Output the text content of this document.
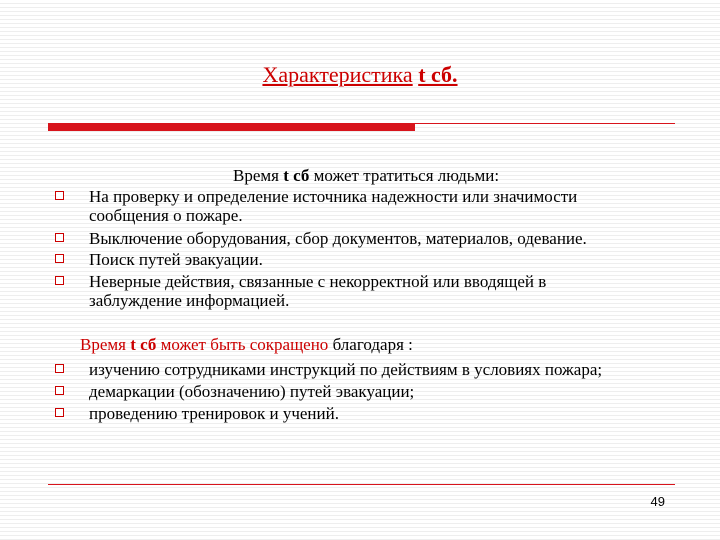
Характеристика t сб.
Время t сб может тратиться людьми:
На проверку и определение источника надежности или значимости
сообщения о пожаре.
Выключение оборудования, сбор документов, материалов, одевание.
Поиск путей эвакуации.
Неверные действия, связанные с некорректной или вводящей в
заблуждение информацией.
Время t сб может быть сокращено благодаря :
изучению сотрудниками инструкций по действиям в условиях пожара;
демаркации (обозначению) путей эвакуации;
проведению тренировок и учений.
49
